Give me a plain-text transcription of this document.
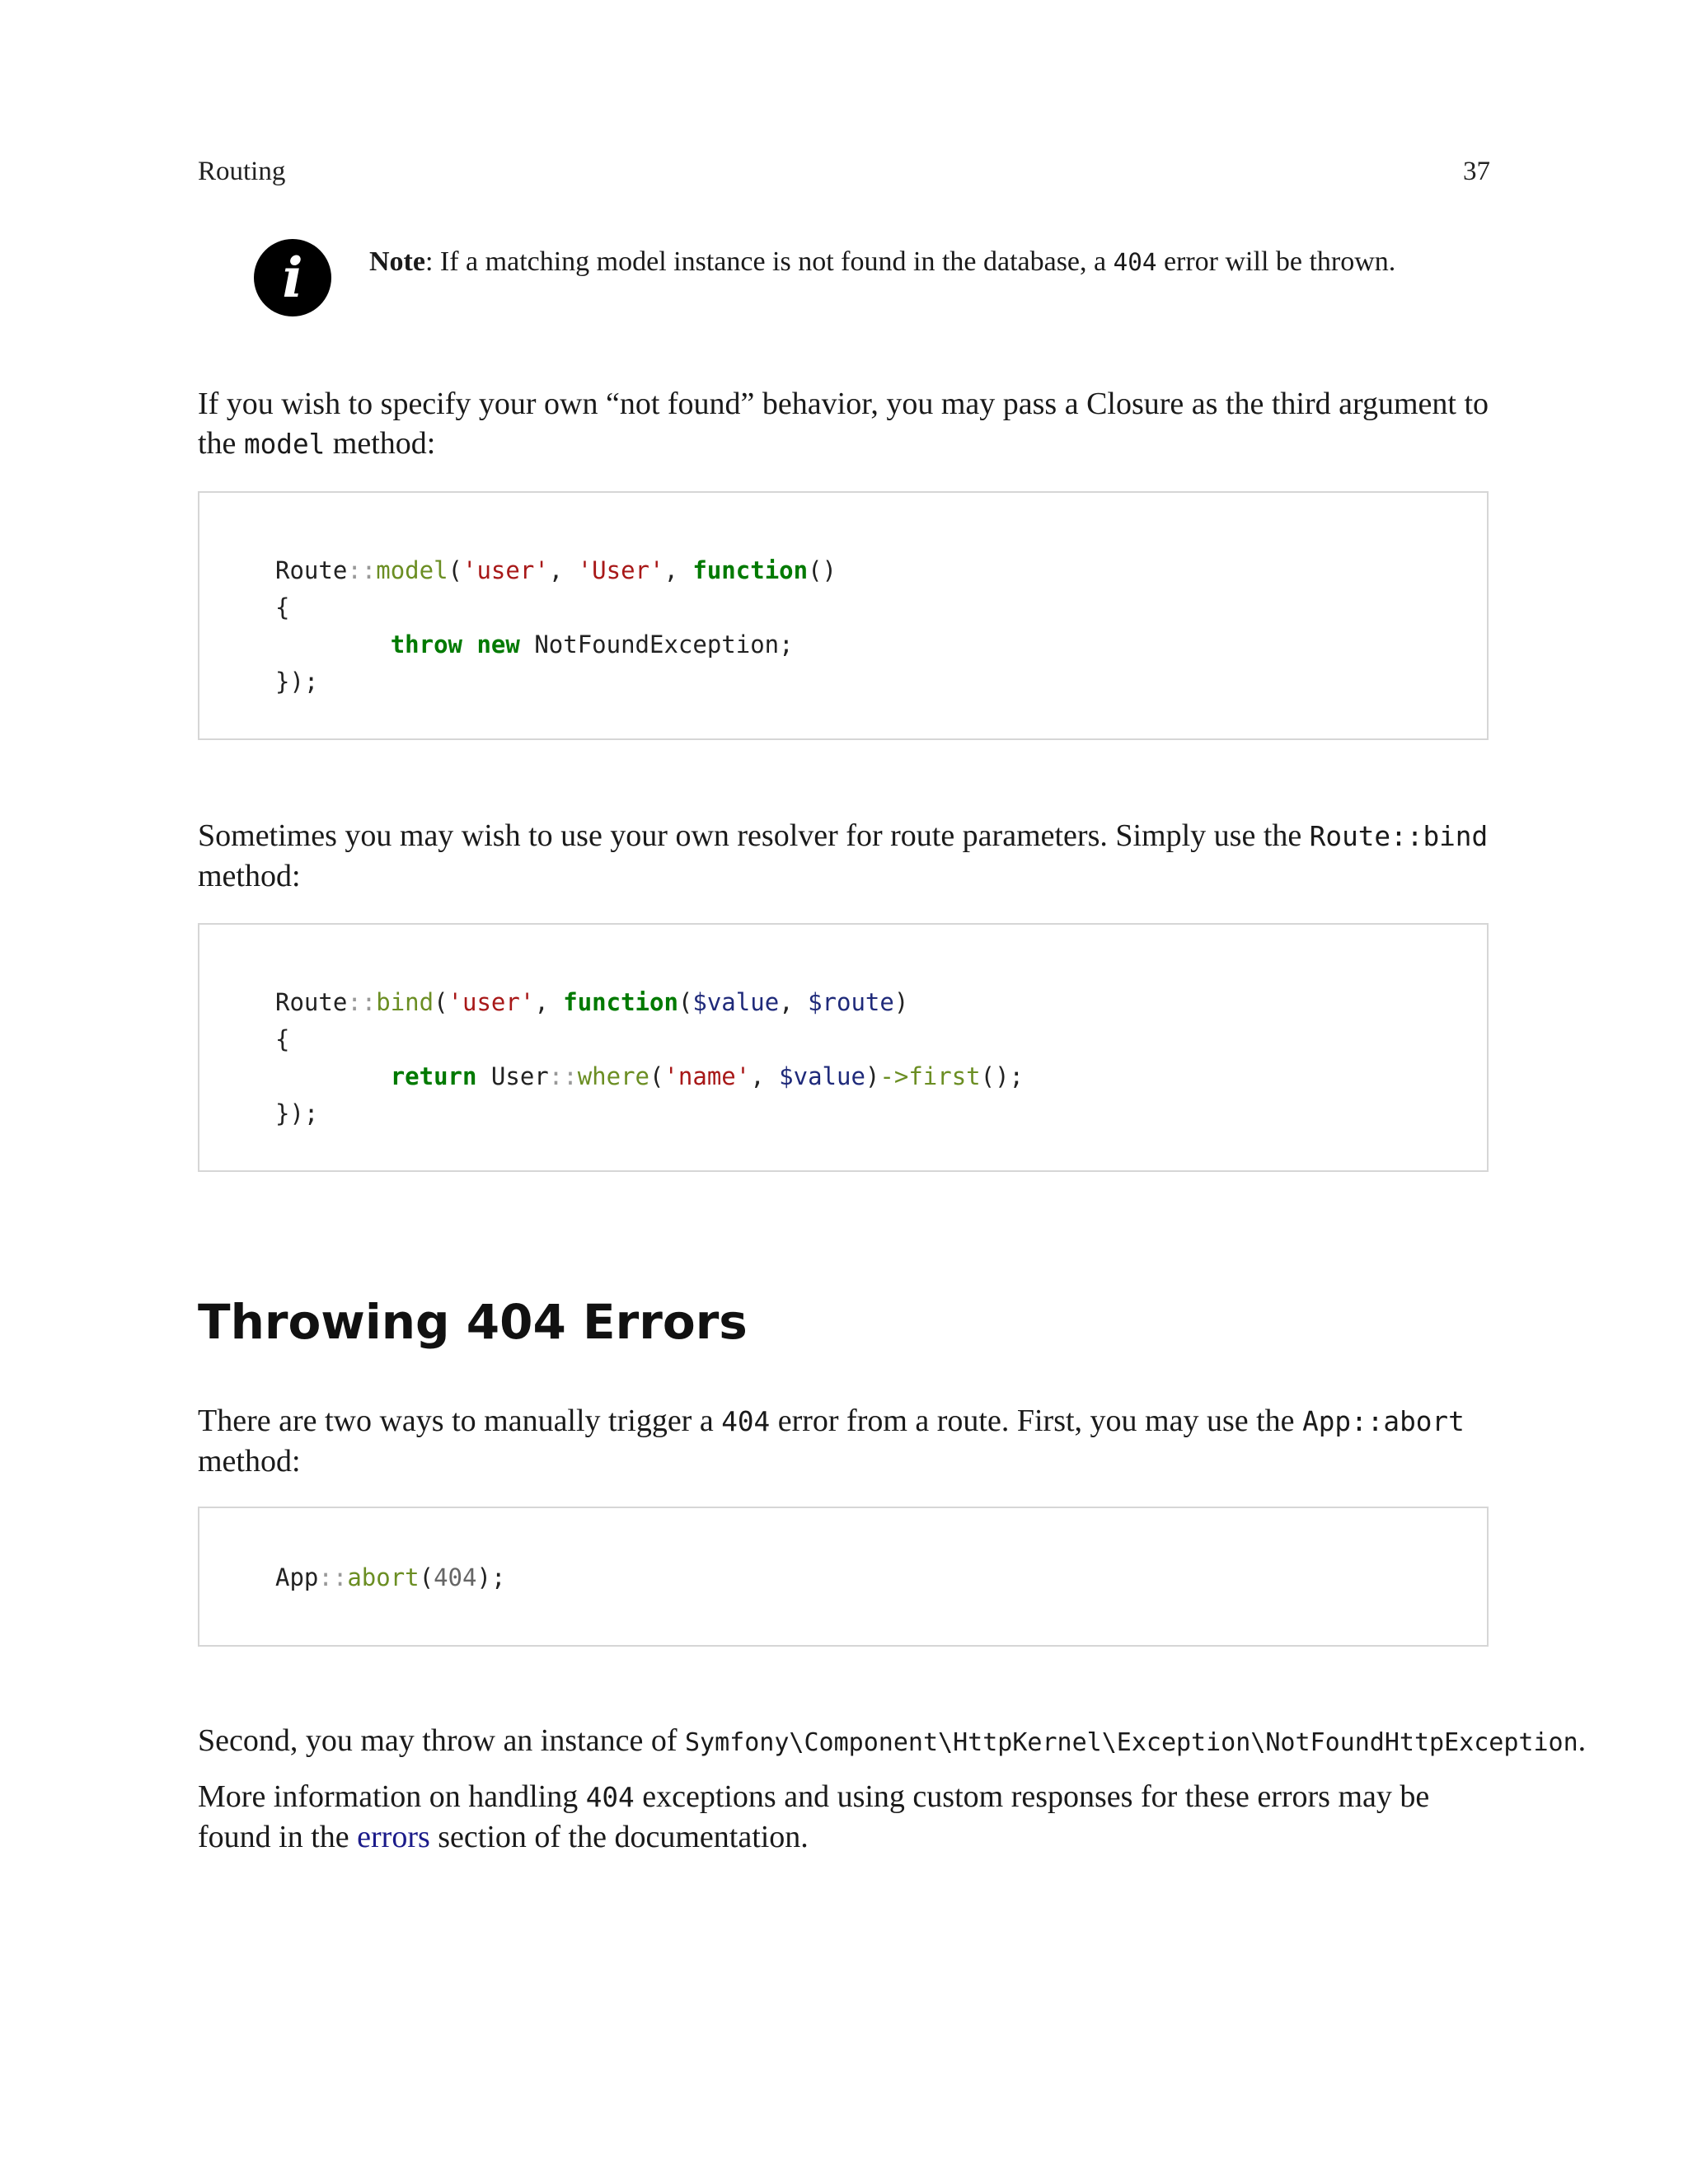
Routing	37
i	Note: If a matching model instance is not found in the database, a 404 error will be thrown.

If you wish to specify your own “not found” behavior, you may pass a Closure as the third argument to the model method:

Route::model('user', 'User', function()
{
throw new NotFoundException;
});

Sometimes you may wish to use your own resolver for route parameters. Simply use the Route::bind method:

Route::bind('user', function($value, $route)
{
return User::where('name', $value)->first();
});
Throwing 404 Errors

There are two ways to manually trigger a 404 error from a route. First, you may use the App::abort method:

App::abort(404);

Second, you may throw an instance of Symfony\Component\HttpKernel\Exception\NotFoundHttpException.

More information on handling 404 exceptions and using custom responses for these errors may be found in the errors section of the documentation.
